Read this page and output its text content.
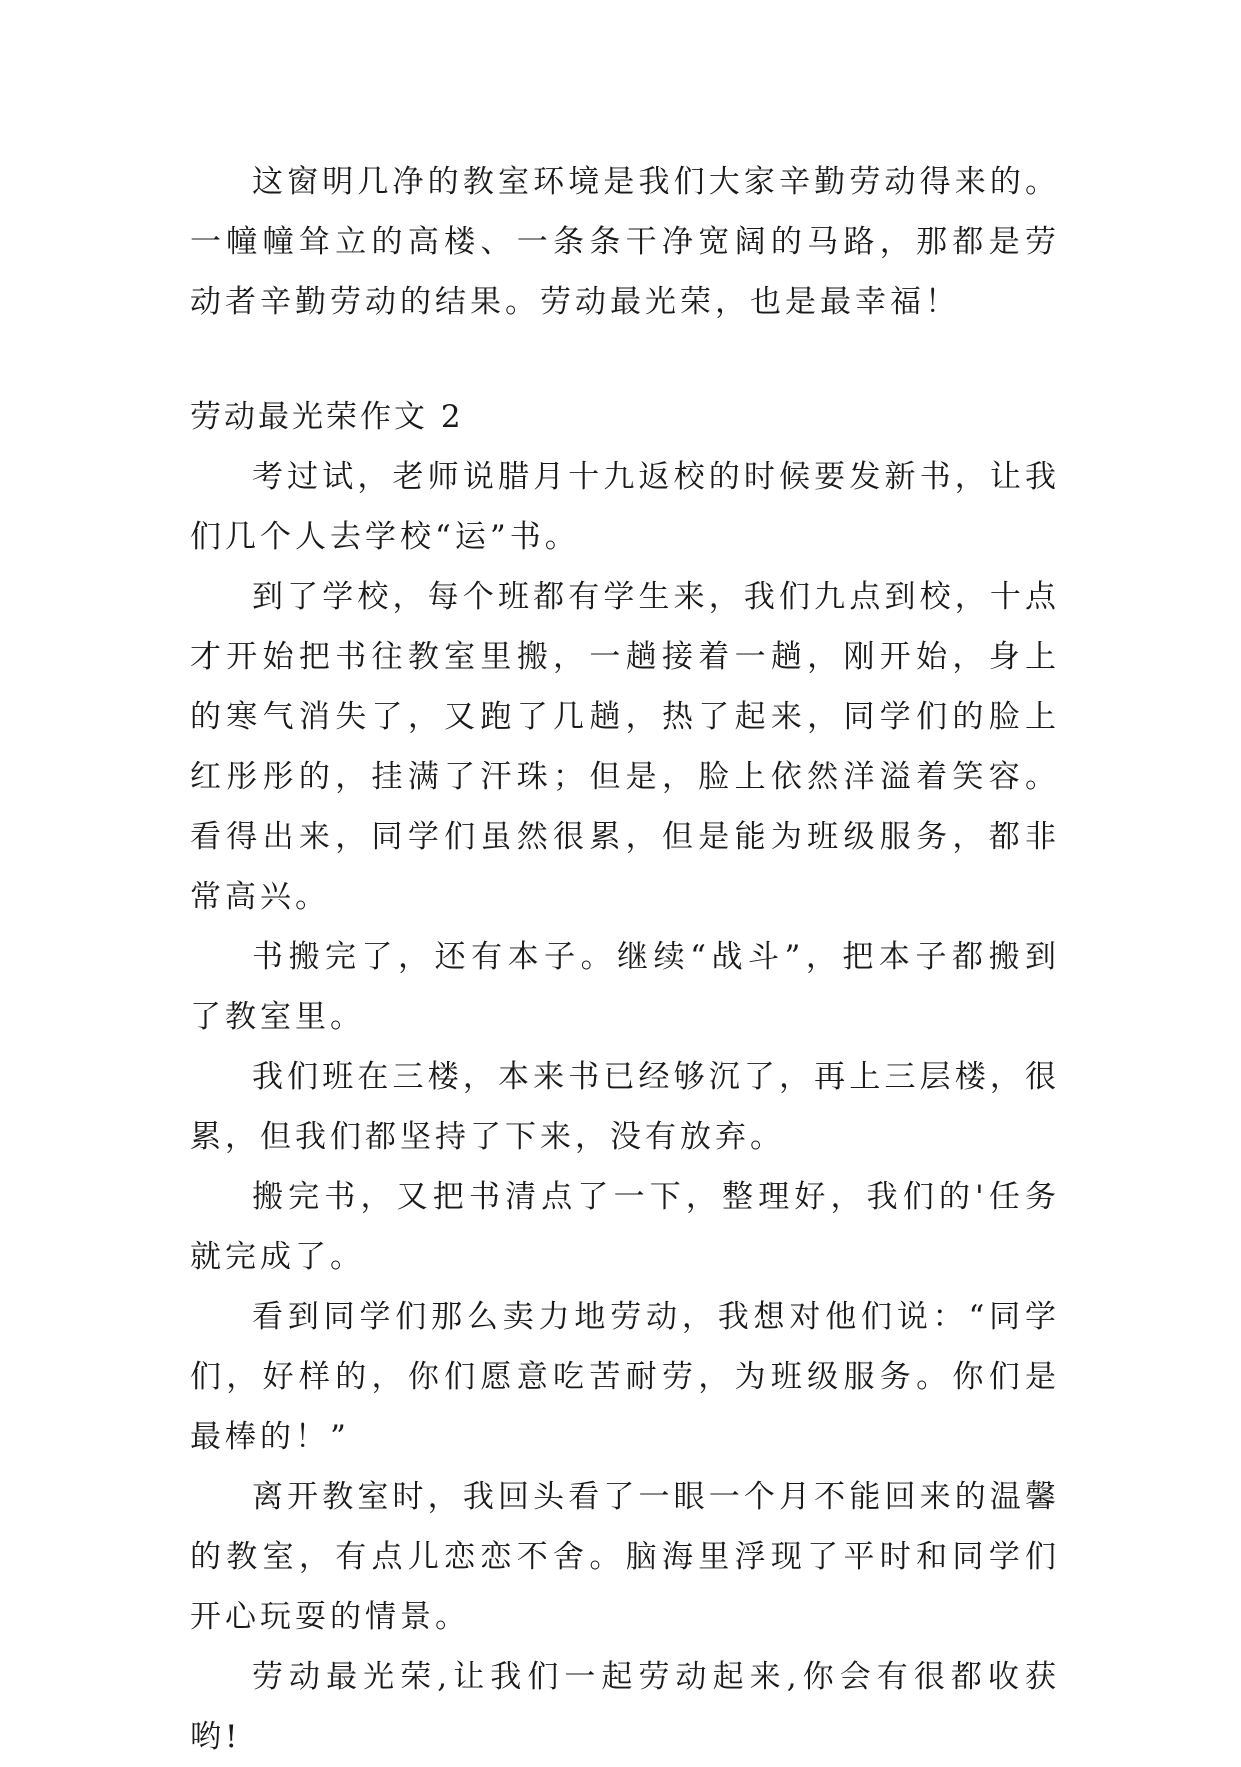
这窗明几净的教室环境是我们大家辛勤劳动得来的。一幢幢耸立的高楼、一条条干净宽阔的马路，那都是劳动者辛勤劳动的结果。劳动最光荣，也是最幸福！

劳动最光荣作文 2

考过试，老师说腊月十九返校的时候要发新书，让我们几个人去学校“运”书。

到了学校，每个班都有学生来，我们九点到校，十点才开始把书往教室里搬，一趟接着一趟，刚开始，身上的寒气消失了，又跑了几趟，热了起来，同学们的脸上红彤彤的，挂满了汗珠；但是，脸上依然洋溢着笑容。看得出来，同学们虽然很累，但是能为班级服务，都非常高兴。

书搬完了，还有本子。继续“战斗”，把本子都搬到了教室里。

我们班在三楼，本来书已经够沉了，再上三层楼，很累，但我们都坚持了下来，没有放弃。

搬完书，又把书清点了一下，整理好，我们的'任务就完成了。

看到同学们那么卖力地劳动，我想对他们说：“同学们，好样的，你们愿意吃苦耐劳，为班级服务。你们是最棒的！”

离开教室时，我回头看了一眼一个月不能回来的温馨的教室，有点儿恋恋不舍。脑海里浮现了平时和同学们开心玩耍的情景。

劳动最光荣,让我们一起劳动起来,你会有很都收获哟!
